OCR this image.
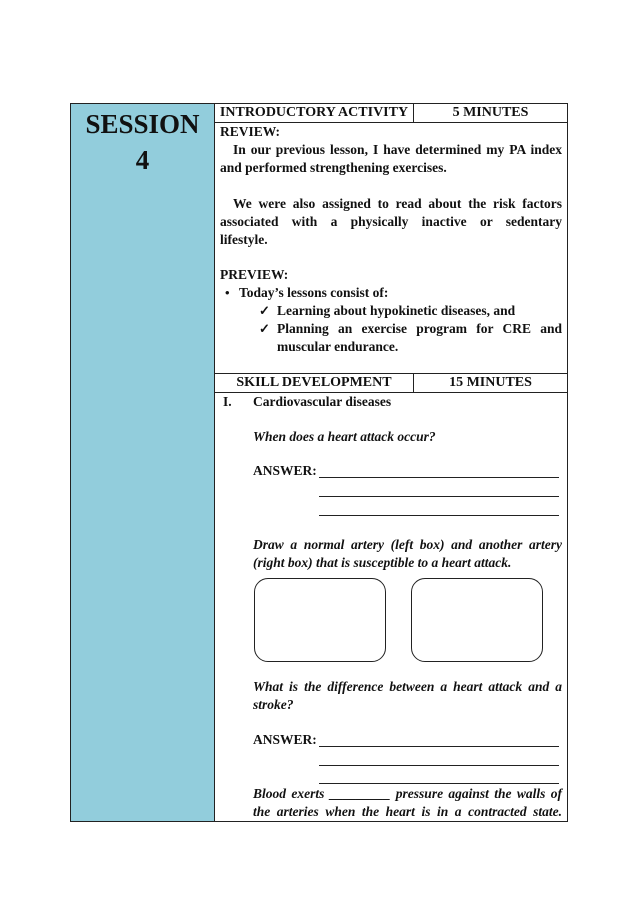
SESSION
4
INTRODUCTORY ACTIVITY	5 MINUTES
REVIEW:
In our previous lesson, I have determined my PA index
and performed strengthening exercises.
We were also assigned to read about the risk factors
associated with a physically inactive or sedentary
lifestyle.
PREVIEW:
• Today’s lessons consist of:
✓ Learning about hypokinetic diseases, and
✓ Planning an exercise program for CRE and
muscular endurance.
SKILL DEVELOPMENT	15 MINUTES
I. Cardiovascular diseases
When does a heart attack occur?
ANSWER:
Draw a normal artery (left box) and another artery
(right box) that is susceptible to a heart attack.
What is the difference between a heart attack and a
stroke?
ANSWER:
Blood exerts _________ pressure against the walls of
the arteries when the heart is in a contracted state.
